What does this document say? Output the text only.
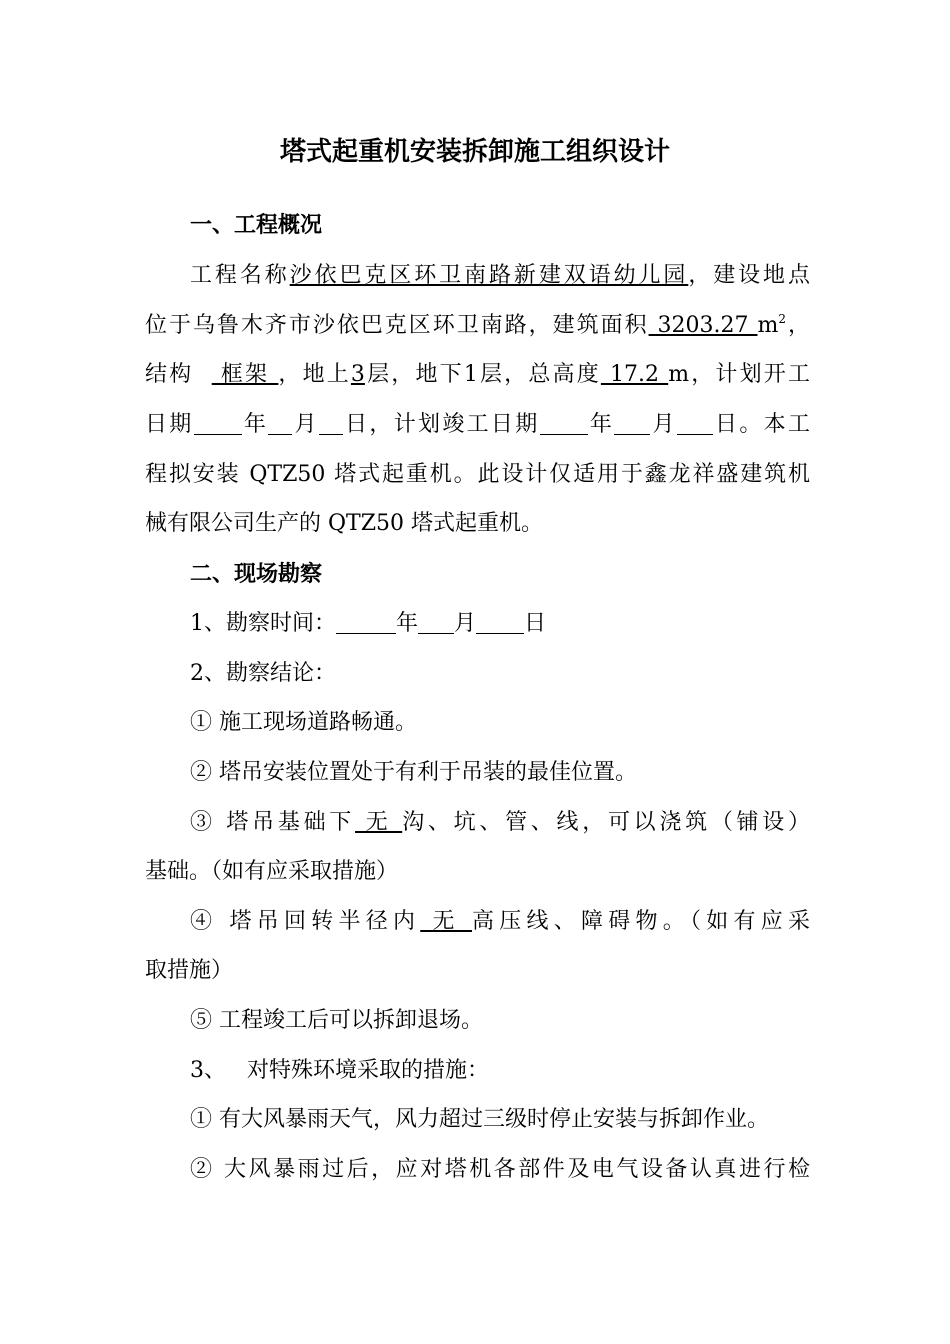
塔式起重机安装拆卸施工组织设计
一、工程概况
工程名称沙依巴克区环卫南路新建双语幼儿园，建设地点
位于乌鲁木齐市沙依巴克区环卫南路，建筑面积 3203.27 $m^2$，
结构   框架 ，地上3层，地下1层，总高度 17.2 m，计划开工
日期 年 月 日，计划竣工日期 年 月 日。本工
程拟安装 QTZ50 塔式起重机。此设计仅适用于鑫龙祥盛建筑机
械有限公司生产的 QTZ50 塔式起重机。
二、现场勘察
1、勘察时间：	年 月 日
2、勘察结论：
① 施工现场道路畅通。
② 塔吊安装位置处于有利于吊装的最佳位置。
③ 塔吊基础下 无 沟、坑、管、线，可以浇筑（铺设）
基础。（如有应采取措施）
④ 塔吊回转半径内 无 高压线、障碍物。（如有应采
取措施）
⑤ 工程竣工后可以拆卸退场。
3、   对特殊环境采取的措施：
① 有大风暴雨天气，风力超过三级时停止安装与拆卸作业。
② 大风暴雨过后，应对塔机各部件及电气设备认真进行检
